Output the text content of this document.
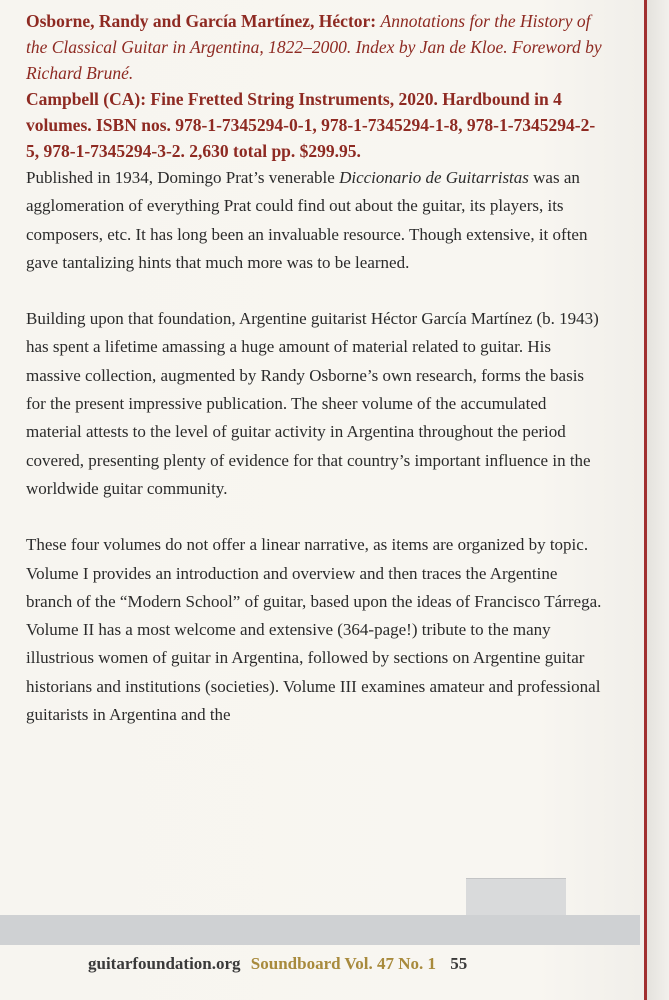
Osborne, Randy and García Martínez, Héctor: Annotations for the History of the Classical Guitar in Argentina, 1822–2000. Index by Jan de Kloe. Foreword by Richard Bruné.
Campbell (CA): Fine Fretted String Instruments, 2020. Hardbound in 4 volumes. ISBN nos. 978-1-7345294-0-1, 978-1-7345294-1-8, 978-1-7345294-2-5, 978-1-7345294-3-2. 2,630 total pp. $299.95.

Published in 1934, Domingo Prat’s venerable Diccionario de Guitarristas was an agglomeration of everything Prat could find out about the guitar, its players, its composers, etc. It has long been an invaluable resource. Though extensive, it often gave tantalizing hints that much more was to be learned.

Building upon that foundation, Argentine guitarist Héctor García Martínez (b. 1943) has spent a lifetime amassing a huge amount of material related to guitar. His massive collection, augmented by Randy Osborne’s own research, forms the basis for the present impressive publication. The sheer volume of the accumulated material attests to the level of guitar activity in Argentina throughout the period covered, presenting plenty of evidence for that country’s important influence in the worldwide guitar community.

These four volumes do not offer a linear narrative, as items are organized by topic. Volume I provides an introduction and overview and then traces the Argentine branch of the “Modern School” of guitar, based upon the ideas of Francisco Tárrega. Volume II has a most welcome and extensive (364-page!) tribute to the many illustrious women of guitar in Argentina, followed by sections on Argentine guitar historians and institutions (societies). Volume III examines amateur and professional guitarists in Argentina and the

guitarfoundation.org Soundboard Vol. 47 No. 1 55
